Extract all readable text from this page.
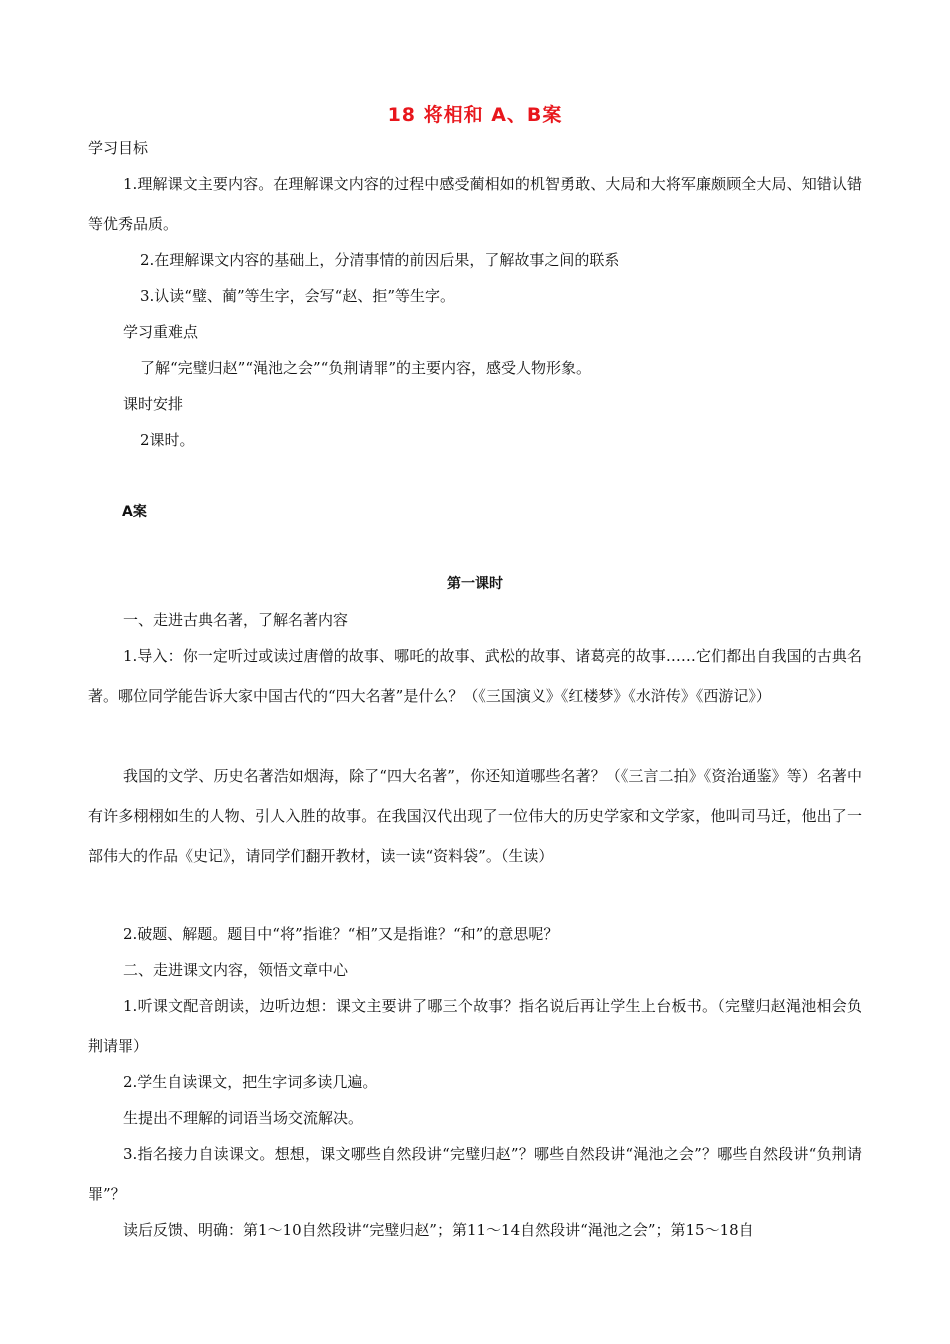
18 将相和 A、B案
学习目标
1.理解课文主要内容。在理解课文内容的过程中感受蔺相如的机智勇敢、大局和大将军廉颇顾全大局、知错认错等优秀品质。
2.在理解课文内容的基础上，分清事情的前因后果，了解故事之间的联系
3.认读“璧、蔺”等生字，会写“赵、拒”等生字。
学习重难点
了解“完璧归赵”“渑池之会”“负荆请罪”的主要内容，感受人物形象。
课时安排
2课时。
A案
第一课时
一、走进古典名著，了解名著内容
1.导入：你一定听过或读过唐僧的故事、哪吒的故事、武松的故事、诸葛亮的故事……它们都出自我国的古典名著。哪位同学能告诉大家中国古代的“四大名著”是什么？（《三国演义》《红楼梦》《水浒传》《西游记》）
我国的文学、历史名著浩如烟海，除了“四大名著”，你还知道哪些名著？（《三言二拍》《资治通鉴》等）名著中有许多栩栩如生的人物、引人入胜的故事。在我国汉代出现了一位伟大的历史学家和文学家，他叫司马迁，他出了一部伟大的作品《史记》，请同学们翻开教材，读一读“资料袋”。（生读）
2.破题、解题。题目中“将”指谁？“相”又是指谁？“和”的意思呢？
二、走进课文内容，领悟文章中心
1.听课文配音朗读，边听边想：课文主要讲了哪三个故事？指名说后再让学生上台板书。（完璧归赵渑池相会负荆请罪）
2.学生自读课文，把生字词多读几遍。
生提出不理解的词语当场交流解决。
3.指名接力自读课文。想想，课文哪些自然段讲“完璧归赵”？哪些自然段讲“渑池之会”？哪些自然段讲“负荆请罪”？
读后反馈、明确：第1～10自然段讲“完璧归赵”；第11～14自然段讲“渑池之会”；第15～18自
